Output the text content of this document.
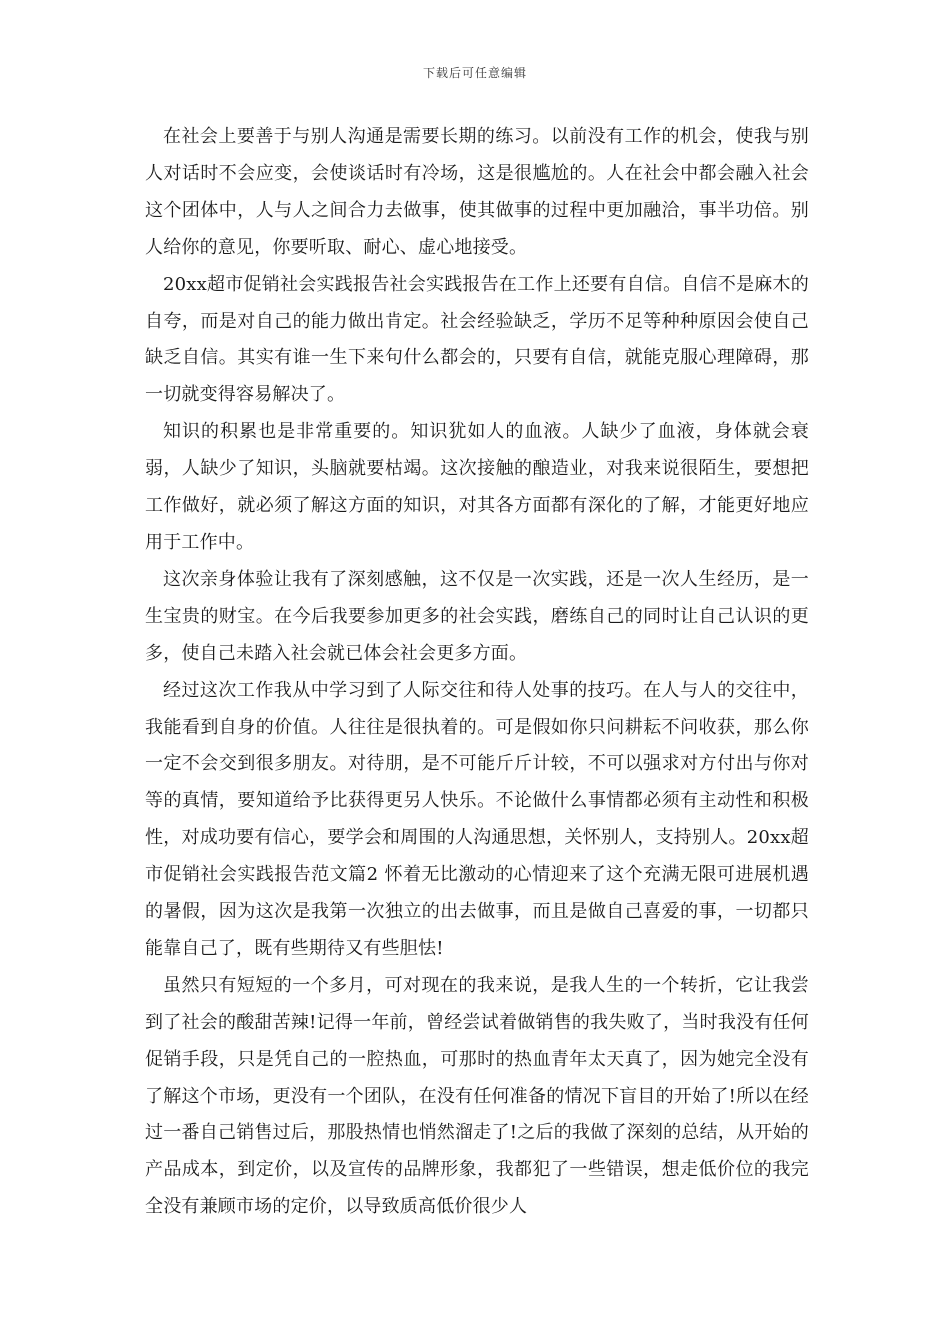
下载后可任意编辑

在社会上要善于与别人沟通是需要长期的练习。以前没有工作的机会，使我与别人对话时不会应变，会使谈话时有冷场，这是很尴尬的。人在社会中都会融入社会这个团体中，人与人之间合力去做事，使其做事的过程中更加融洽，事半功倍。别人给你的意见，你要听取、耐心、虚心地接受。

20xx超市促销社会实践报告社会实践报告在工作上还要有自信。自信不是麻木的自夸，而是对自己的能力做出肯定。社会经验缺乏，学历不足等种种原因会使自己缺乏自信。其实有谁一生下来句什么都会的，只要有自信，就能克服心理障碍，那一切就变得容易解决了。

知识的积累也是非常重要的。知识犹如人的血液。人缺少了血液，身体就会衰弱，人缺少了知识，头脑就要枯竭。这次接触的酿造业，对我来说很陌生，要想把工作做好，就必须了解这方面的知识，对其各方面都有深化的了解，才能更好地应用于工作中。

这次亲身体验让我有了深刻感触，这不仅是一次实践，还是一次人生经历，是一生宝贵的财宝。在今后我要参加更多的社会实践，磨练自己的同时让自己认识的更多，使自己未踏入社会就已体会社会更多方面。

经过这次工作我从中学习到了人际交往和待人处事的技巧。在人与人的交往中，我能看到自身的价值。人往往是很执着的。可是假如你只问耕耘不问收获，那么你一定不会交到很多朋友。对待朋，是不可能斤斤计较，不可以强求对方付出与你对等的真情，要知道给予比获得更另人快乐。不论做什么事情都必须有主动性和积极性，对成功要有信心，要学会和周围的人沟通思想，关怀别人，支持别人。20xx超市促销社会实践报告范文篇2 怀着无比激动的心情迎来了这个充满无限可进展机遇的暑假，因为这次是我第一次独立的出去做事，而且是做自己喜爱的事，一切都只能靠自己了，既有些期待又有些胆怯!

虽然只有短短的一个多月，可对现在的我来说，是我人生的一个转折，它让我尝到了社会的酸甜苦辣!记得一年前，曾经尝试着做销售的我失败了，当时我没有任何促销手段，只是凭自己的一腔热血，可那时的热血青年太天真了，因为她完全没有了解这个市场，更没有一个团队，在没有任何准备的情况下盲目的开始了!所以在经过一番自己销售过后，那股热情也悄然溜走了!之后的我做了深刻的总结，从开始的产品成本，到定价，以及宣传的品牌形象，我都犯了一些错误，想走低价位的我完全没有兼顾市场的定价，以导致质高低价很少人
